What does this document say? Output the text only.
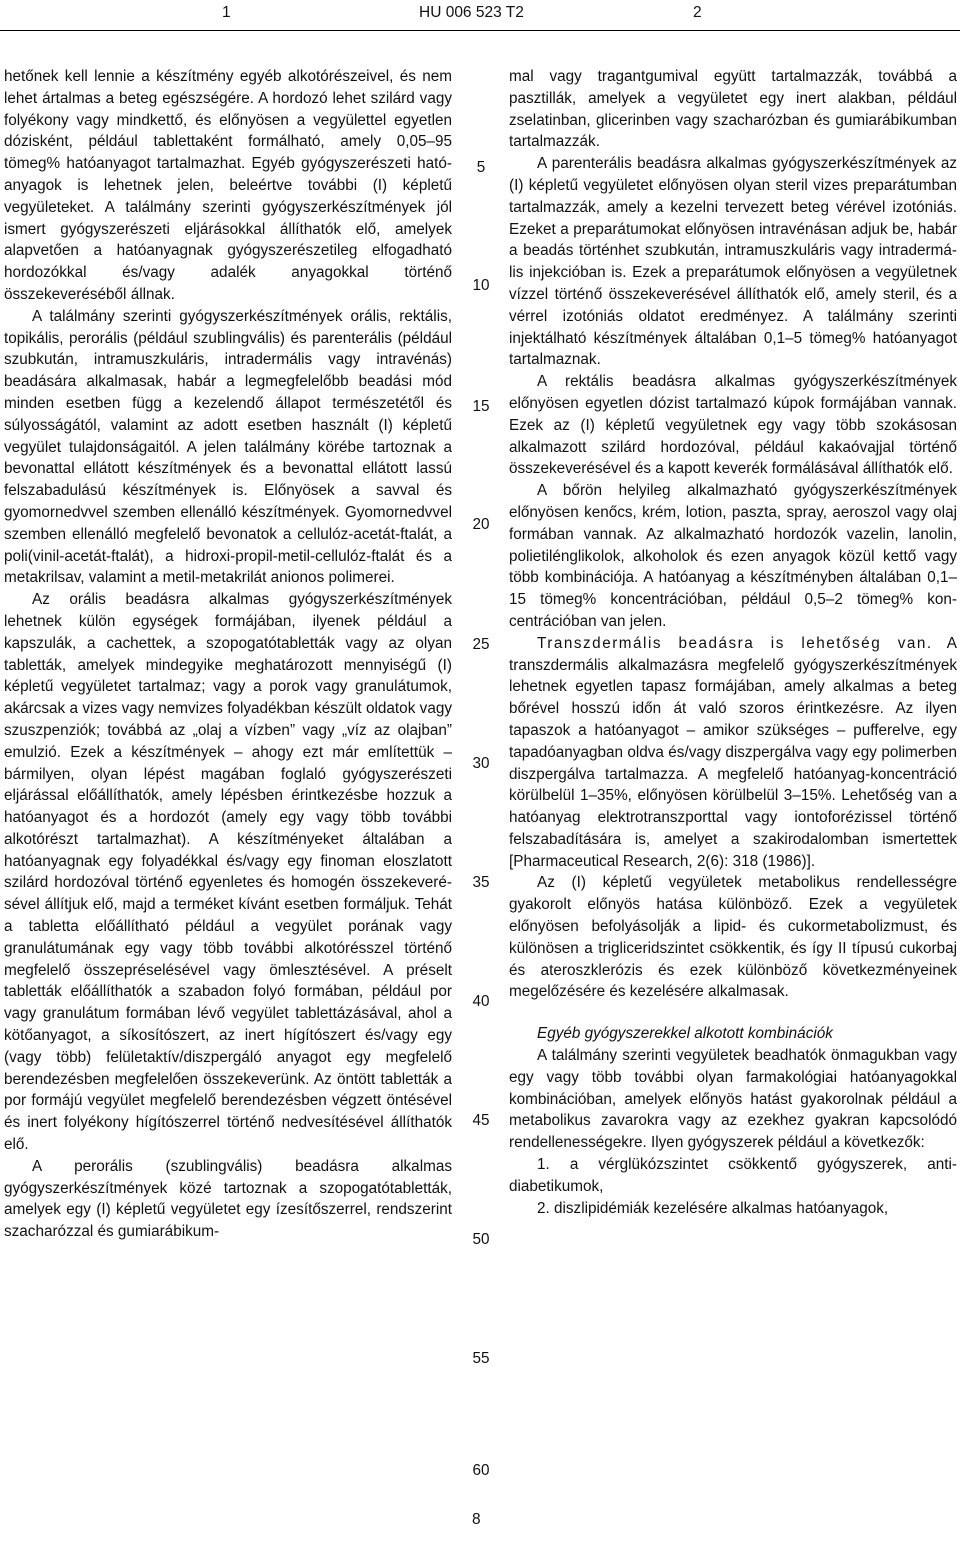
1	HU 006 523 T2	2

hetőnek kell lennie a készítmény egyéb alkotórészeivel, és nem lehet ártalmas a beteg egészségére. A hordozó lehet szilárd vagy folyékony vagy mindkettő, és előnyösen a vegyülettel egyetlen dózisként, például tablettaként formálható, amely 0,05–95 tömeg% hatóanyagot tartalmazhat. Egyéb gyógyszerészeti hatóanyagok is lehetnek jelen, beleértve további (I) képletű vegyületeket. A találmány szerinti gyógyszerkészítmények jól ismert gyógyszerészeti eljárásokkal állíthatók elő, amelyek alapvetően a hatóanyagnak gyógyszerészetileg elfogadható hordozókkal és/vagy adalék anyagokkal történő összekeveréséből állnak.

A találmány szerinti gyógyszerkészítmények orális, rektális, topikális, perorális (például szublingvális) és parenterális (például szubkután, intramuszkuláris, intradermális vagy intravénás) beadására alkalmasak, habár a legmegfelelőbb beadási mód minden esetben függ a kezelendő állapot természetétől és súlyosságától, valamint az adott esetben használt (I) képletű vegyület tulajdonságaitól. A jelen találmány körébe tartoznak a bevonattal ellátott készítmények és a bevonattal ellátott lassú felszabadulású készítmények is. Előnyösek a savval és gyomornedvvel szemben ellenálló készítmények. Gyomornedvvel szemben ellenálló megfelelő bevonatok a cellulóz-acetát-ftalát, a poli(vinil-acetát-ftalát), a hidroxi-propil-metil-cellulóz-ftalát és a metakrilsav, valamint a metil-metakrilát anionos polimerei.

Az orális beadásra alkalmas gyógyszerkészítmények lehetnek külön egységek formájában, ilyenek például a kapszulák, a cachettek, a szopogatótabletták vagy az olyan tabletták, amelyek mindegyike meghatározott mennyiségű (I) képletű vegyületet tartalmaz; vagy a porok vagy granulátumok, akárcsak a vizes vagy nemvizes folyadékban készült oldatok vagy szuszpenziók; továbbá az „olaj a vízben” vagy „víz az olajban” emulzió. Ezek a készítmények – ahogy ezt már említettük – bármilyen, olyan lépést magában foglaló gyógyszerészeti eljárással előállíthatók, amely lépésben érintkezésbe hozzuk a hatóanyagot és a hordozót (amely egy vagy több további alkotórészt tartalmazhat). A készítményeket általában a hatóanyagnak egy folyadékkal és/vagy egy finoman eloszlatott szilárd hordozóval történő egyenletes és homogén összekeverésével állítjuk elő, majd a terméket kívánt esetben formáljuk. Tehát a tabletta előállítható például a vegyület porának vagy granulátumának egy vagy több további alkotórésszel történő megfelelő összepréselésével vagy ömlesztésével. A préselt tabletták előállíthatók a szabadon folyó formában, például por vagy granulátum formában lévő vegyület tablettázásával, ahol a kötőanyagot, a síkosítószert, az inert hígítószert és/vagy egy (vagy több) felületaktív/diszpergáló anyagot egy megfelelő berendezésben megfelelően összekeverünk. Az öntött tabletták a por formájú vegyület megfelelő berendezésben végzett öntésével és inert folyékony hígítószerrel történő nedvesítésével állíthatók elő.

A perorális (szublingvális) beadásra alkalmas gyógyszerkészítmények közé tartoznak a szopogatótabletták, amelyek egy (I) képletű vegyületet egy ízesítőszerrel, rendszerint szacharózzal és gumiarábikum-

mal vagy tragantgumival együtt tartalmazzák, továbbá a pasztillák, amelyek a vegyületet egy inert alakban, például zselatinban, glicerinben vagy szacharózban és gumiarábikumban tartalmazzák.

A parenterális beadásra alkalmas gyógyszerkészítmények az (I) képletű vegyületet előnyösen olyan steril vizes preparátumban tartalmazzák, amely a kezelni tervezett beteg vérével izotóniás. Ezeket a preparátumokat előnyösen intravénásan adjuk be, habár a beadás történhet szubkután, intramuszkuláris vagy intradermális injekcióban is. Ezek a preparátumok előnyösen a vegyületnek vízzel történő összekeverésével állíthatók elő, amely steril, és a vérrel izotóniás oldatot eredményez. A találmány szerinti injektálható készítmények általában 0,1–5 tömeg% hatóanyagot tartalmaznak.

A rektális beadásra alkalmas gyógyszerkészítmények előnyösen egyetlen dózist tartalmazó kúpok formájában vannak. Ezek az (I) képletű vegyületnek egy vagy több szokásosan alkalmazott szilárd hordozóval, például kakaóvajjal történő összekeverésével és a kapott keverék formálásával állíthatók elő.

A bőrön helyileg alkalmazható gyógyszerkészítmények előnyösen kenőcs, krém, lotion, paszta, spray, aeroszol vagy olaj formában vannak. Az alkalmazható hordozók vazelin, lanolin, polietilénglikolok, alkoholok és ezen anyagok közül kettő vagy több kombinációja. A hatóanyag a készítményben általában 0,1–15 tömeg% koncentrációban, például 0,5–2 tömeg% koncentrációban van jelen.

Transzdermális beadásra is lehetőség van. A transzdermális alkalmazásra megfelelő gyógyszerkészítmények lehetnek egyetlen tapasz formájában, amely alkalmas a beteg bőrével hosszú időn át való szoros érintkezésre. Az ilyen tapaszok a hatóanyagot – amikor szükséges – pufferelve, egy tapadóanyagban oldva és/vagy diszpergálva vagy egy polimerben diszpergálva tartalmazza. A megfelelő hatóanyag-koncentráció körülbelül 1–35%, előnyösen körülbelül 3–15%. Lehetőség van a hatóanyag elektrotranszporttal vagy iontoforézissel történő felszabadítására is, amelyet a szakirodalomban ismertettek [Pharmaceutical Research, 2(6): 318 (1986)].

Az (I) képletű vegyületek metabolikus rendellességre gyakorolt előnyös hatása különböző. Ezek a vegyületek előnyösen befolyásolják a lipid- és cukormetabolizmust, és különösen a trigliceridszintet csökkentik, és így II típusú cukorbaj és ateroszklerózis és ezek különböző következményeinek megelőzésére és kezelésére alkalmasak.

Egyéb gyógyszerekkel alkotott kombinációk

A találmány szerinti vegyületek beadhatók önmagukban vagy egy vagy több további olyan farmakológiai hatóanyagokkal kombinációban, amelyek előnyös hatást gyakorolnak például a metabolikus zavarokra vagy az ezekhez gyakran kapcsolódó rendellenességekre. Ilyen gyógyszerek például a következők:

1. a vérglükózszintet csökkentő gyógyszerek, antidiabetikumok,

2. diszlipidémiák kezelésére alkalmas hatóanyagok,

5
10
15
20
25
30
35
40
45
50
55
60
8
